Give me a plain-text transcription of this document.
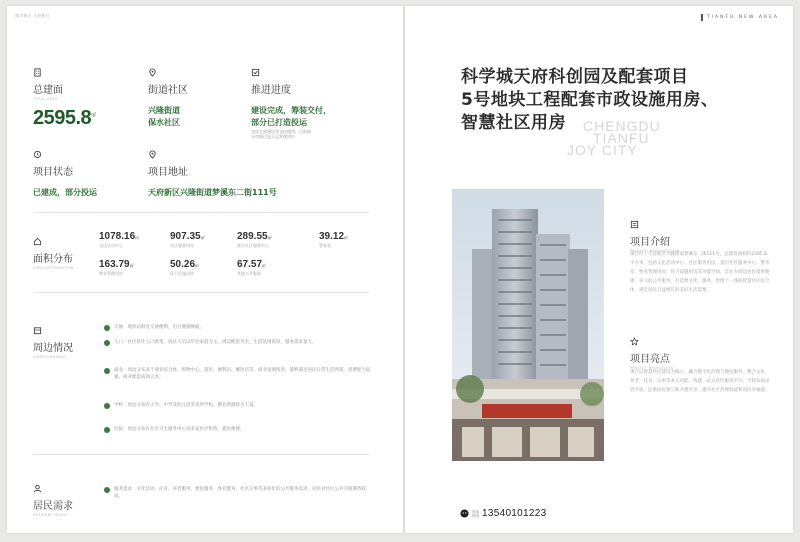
城市新区 天府新区
总建面
TOTAL AREA
2595.8㎡
街道社区
兴隆街道
保水社区
推进进度
建设完成，筹装交付，
部分已打造投运
完成全部建设并交付使用，目前部
分空间已投入运营使用中
项目状态
已建成，部分投运
项目地址
天府新区兴隆街道梦溪东二街111号
面积分布
AREA DISTRIBUTION
1078.16㎡
文化活动中心
907.35㎡
社区服务用房
289.55㎡
基层社区服务中心
39.12㎡
警务室
163.79㎡
物业管理用房
50.26㎡
环卫设施用房
67.57㎡
其他公共服务
周边情况
SURROUNDINGS
交通：地铁站附近交通便利，出行便捷畅通。
人口：社区常住人口密集，居住人员以年轻家庭为主，周边配套齐全，生活氛围浓厚，服务需求量大。
商业：周边分布多个商业综合体、购物中心、超市、便利店、餐饮店等，商业氛围浓厚，能够满足居民日常生活所需，消费能力较强，商业配套成熟完善。
学校：周边分布有小学、中学及幼儿园等多所学校，教育资源较为丰富。
医院：周边分布有社区卫生服务中心及多家医疗机构，就医便捷。
居民需求
RESIDENT NEEDS
服务需求：文化活动、托育、养老服务、便民服务、体育健身、社区议事等多样化的公共服务需求，居民对社区公共空间期待较高。
TIANFU NEW AREA
CHENGDU
TIANFU
JOY CITY
科学城天府科创园及配套项目
5号地块工程配套市政设施用房、
智慧社区用房
项目介绍
PROJECT INTRODUCTION
项目位于天府新区兴隆街道梦溪东二街111号，总建筑面积约2595.8平方米，包括文化活动中心、社区服务用房、基层社区服务中心、警务室、物业管理用房、环卫设施用房等功能空间，旨在为周边居民提供便捷、多元的公共服务，打造集文化、服务、治理于一体的智慧社区综合体，满足居民日益增长的美好生活需要。
项目亮点
PROJECT HIGHLIGHTS
项目以智慧社区建设为核心，融合数字化治理与便民服务，整合文化、养老、托育、议事等多元功能，构建一站式社区服务平台；空间布局灵活开放，注重居民参与和共建共享，提升社区治理效能和居民幸福感。
咨询
热线 13540101223
